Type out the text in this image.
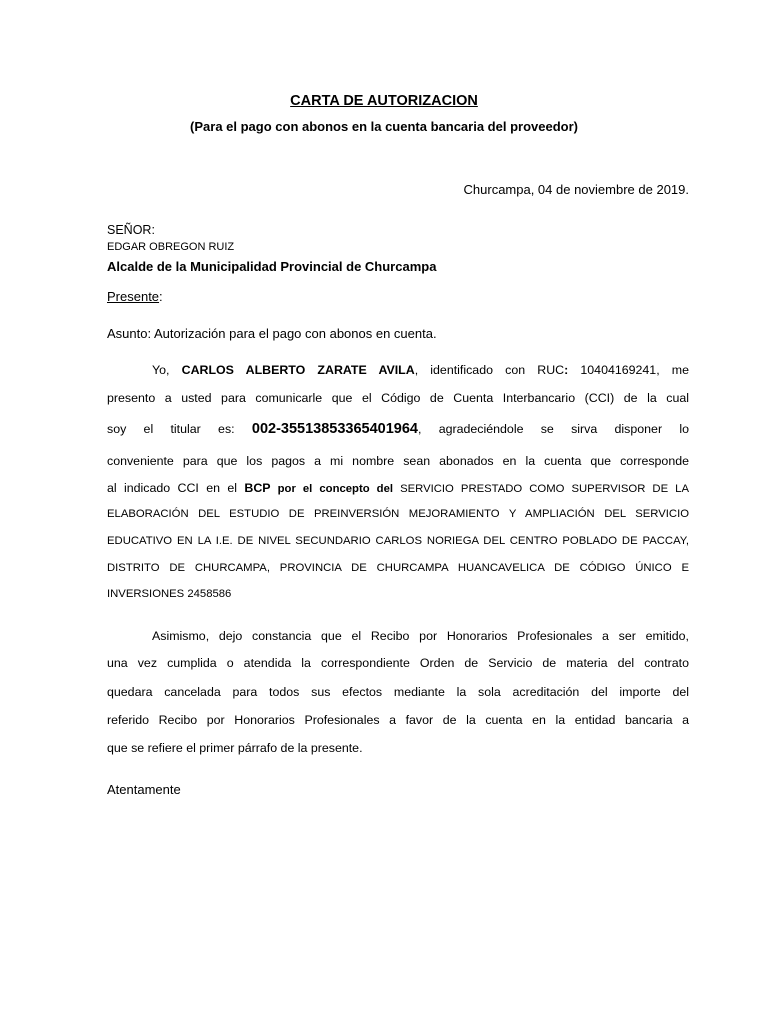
CARTA DE AUTORIZACION
(Para el pago con abonos en la cuenta bancaria del proveedor)
Churcampa, 04 de noviembre de 2019.
SEÑOR:
EDGAR OBREGON RUIZ
Alcalde de la Municipalidad Provincial de Churcampa
Presente:
Asunto: Autorización para el pago con abonos en cuenta.
Yo, CARLOS ALBERTO ZARATE AVILA, identificado con RUC: 10404169241, me
presento a usted para comunicarle que el Código de Cuenta Interbancario (CCI) de la cual
soy el titular es: 002-35513853365401964, agradeciéndole se sirva disponer lo
conveniente para que los pagos a mi nombre sean abonados en la cuenta que corresponde
al indicado CCI en el BCP por el concepto del SERVICIO PRESTADO COMO SUPERVISOR DE LA
ELABORACIÓN DEL ESTUDIO DE PREINVERSIÓN MEJORAMIENTO Y AMPLIACIÓN DEL SERVICIO
EDUCATIVO EN LA I.E. DE NIVEL SECUNDARIO CARLOS NORIEGA DEL CENTRO POBLADO DE PACCAY,
DISTRITO DE CHURCAMPA, PROVINCIA DE CHURCAMPA HUANCAVELICA DE CÓDIGO ÚNICO E
INVERSIONES 2458586
Asimismo, dejo constancia que el Recibo por Honorarios Profesionales a ser emitido,
una vez cumplida o atendida la correspondiente Orden de Servicio de materia del contrato
quedara cancelada para todos sus efectos mediante la sola acreditación del importe del
referido Recibo por Honorarios Profesionales a favor de la cuenta en la entidad bancaria a
que se refiere el primer párrafo de la presente.
Atentamente
